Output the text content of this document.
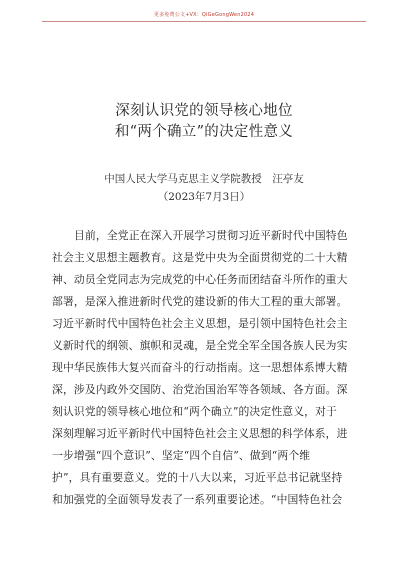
更多免费公文+VX：QiGeGongWen2024
深刻认识党的领导核心地位
和“两个确立”的决定性意义
中国人民大学马克思主义学院教授　汪亭友
（2023年7月3日）
目前，全党正在深入开展学习贯彻习近平新时代中国特色
社会主义思想主题教育。这是党中央为全面贯彻党的二十大精
神、动员全党同志为完成党的中心任务而团结奋斗所作的重大
部署，是深入推进新时代党的建设新的伟大工程的重大部署。
习近平新时代中国特色社会主义思想，是引领中国特色社会主
义新时代的纲领、旗帜和灵魂，是全党全军全国各族人民为实
现中华民族伟大复兴而奋斗的行动指南。这一思想体系博大精
深，涉及内政外交国防、治党治国治军等各领域、各方面。深
刻认识党的领导核心地位和“两个确立”的决定性意义，对于
深刻理解习近平新时代中国特色社会主义思想的科学体系，进
一步增强“四个意识”、坚定“四个自信”、做到“两个维
护”，具有重要意义。党的十八大以来，习近平总书记就坚持
和加强党的全面领导发表了一系列重要论述。“中国特色社会
